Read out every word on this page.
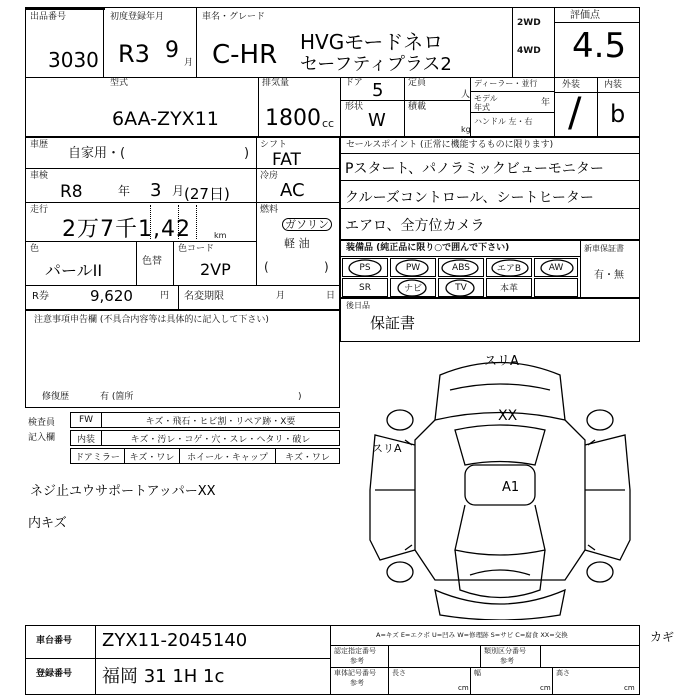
出品番号
3030
初度登録年月
R3 9 月
車名・グレード
C-HR HVGモードネロ
セーフティプラス2
2WD
4WD
評価点
4.5
外装	内装
/ b
型式
6AA-ZYX11
排気量
1800 cc
ドア 5	定員
人
形状
W
積載
kg
ディーラー・並行
モデル年式	年
ハンドル 左・右
車歴
自家用・(	)
シフト
FAT
車検
R8	年 3 月 (27日)
冷房
AC
走行
2万7千1,42	km
燃料
ガソリン
軽 油
色
パールII	色替
色コード
2VP	(	)
R券	9,620	円 名変期限	月	日
注意事項申告欄 (不具合内容等は具体的に記入して下さい)
修復歴	有 (箇所	)
セールスポイント (正常に機能するものに限ります)
Pスタート、パノラミックビューモニター
クルーズコントロール、シートヒーター
エアロ、全方位カメラ
装備品 (純正品に限り○で囲んで下さい)	新車保証書
有・無
PS	PW	ABS	エアB	AW
SR	ナビ	TV	本革
後日品
保証書
検査員
記入欄
FW	キズ・飛石・ヒビ割・リペア跡・X要
内装	キズ・汚レ・コゲ・穴・スレ・ヘタリ・破レ
ドアミラー	キズ・ワレ	ホイール・キャップ	キズ・ワレ
ネジ止ユウサポートアッパーXX
内キズ
スリA
スリA
XX
A1
カギ
車台番号 ZYX11-2045140
登録番号 福岡 31 1H 1c
A=キズ E=エクボ U=凹み W=修理跡 S=サビ C=腐食 XX=交換
認定指定番号
参考
類別区分番号
参考
車体記号番号
参考
長さ
cm
幅
cm
高さ
cm
